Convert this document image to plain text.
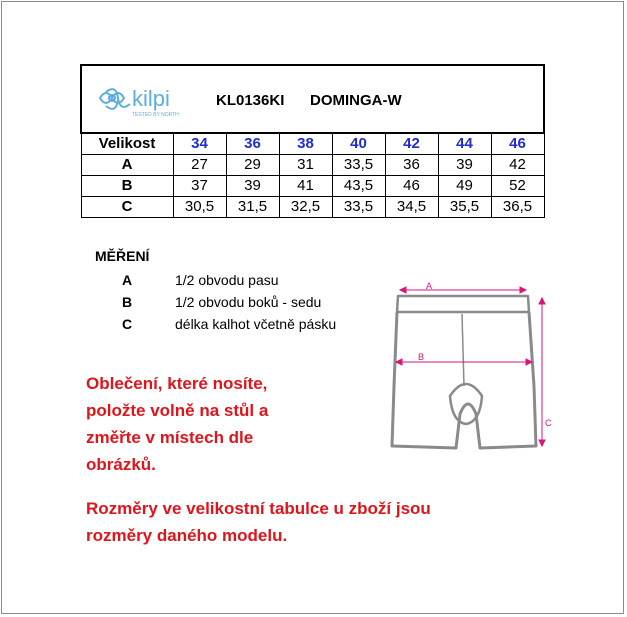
kilpi
TESTED BY NORTH
KL0136KI DOMINGA-W							

Velikost	34	36	38	40	42	44	46
A	27	29	31	33,5	36	39	42
B	37	39	41	43,5	46	49	52
C	30,5	31,5	32,5	33,5	34,5	35,5	36,5
MĚŘENÍ
A	1/2 obvodu pasu
B	1/2 obvodu boků - sedu
C	délka kalhot včetně pásku
Oblečení, které nosíte,
položte volně na stůl a
změřte v místech dle
obrázků.
Rozměry ve velikostní tabulce u zboží jsou
rozměry daného modelu.
A
B
C
